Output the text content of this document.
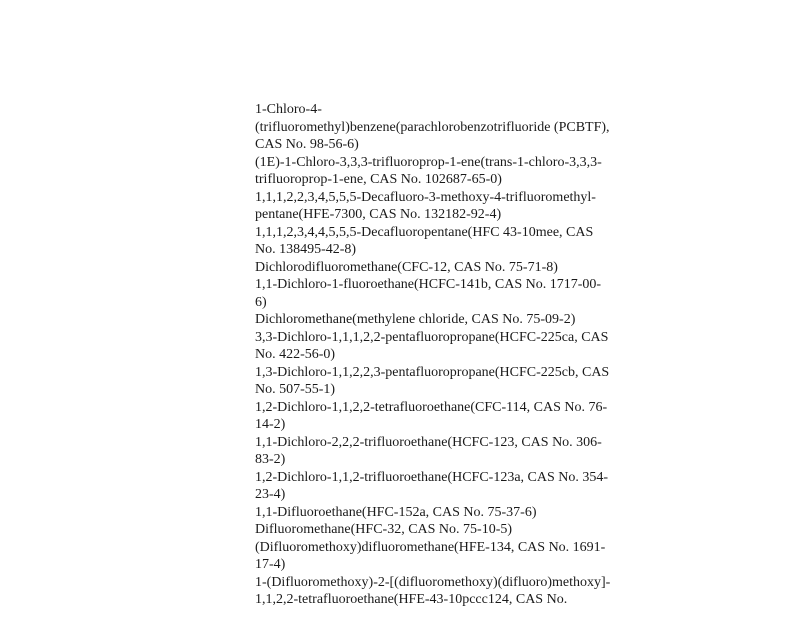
1-Chloro-4-
(trifluoromethyl)benzene(parachlorobenzotrifluoride (PCBTF),
CAS No. 98-56-6)
(1E)-1-Chloro-3,3,3-trifluoroprop-1-ene(trans-1-chloro-3,3,3-
trifluoroprop-1-ene, CAS No. 102687-65-0)
1,1,1,2,2,3,4,5,5,5-Decafluoro-3-methoxy-4-trifluoromethyl-
pentane(HFE-7300, CAS No. 132182-92-4)
1,1,1,2,3,4,4,5,5,5-Decafluoropentane(HFC 43-10mee, CAS
No. 138495-42-8)
Dichlorodifluoromethane(CFC-12, CAS No. 75-71-8)
1,1-Dichloro-1-fluoroethane(HCFC-141b, CAS No. 1717-00-
6)
Dichloromethane(methylene chloride, CAS No. 75-09-2)
3,3-Dichloro-1,1,1,2,2-pentafluoropropane(HCFC-225ca, CAS
No. 422-56-0)
1,3-Dichloro-1,1,2,2,3-pentafluoropropane(HCFC-225cb, CAS
No. 507-55-1)
1,2-Dichloro-1,1,2,2-tetrafluoroethane(CFC-114, CAS No. 76-
14-2)
1,1-Dichloro-2,2,2-trifluoroethane(HCFC-123, CAS No. 306-
83-2)
1,2-Dichloro-1,1,2-trifluoroethane(HCFC-123a, CAS No. 354-
23-4)
1,1-Difluoroethane(HFC-152a, CAS No. 75-37-6)
Difluoromethane(HFC-32, CAS No. 75-10-5)
(Difluoromethoxy)difluoromethane(HFE-134, CAS No. 1691-
17-4)
1-(Difluoromethoxy)-2-[(difluoromethoxy)(difluoro)methoxy]-
1,1,2,2-tetrafluoroethane(HFE-43-10pccc124, CAS No.
